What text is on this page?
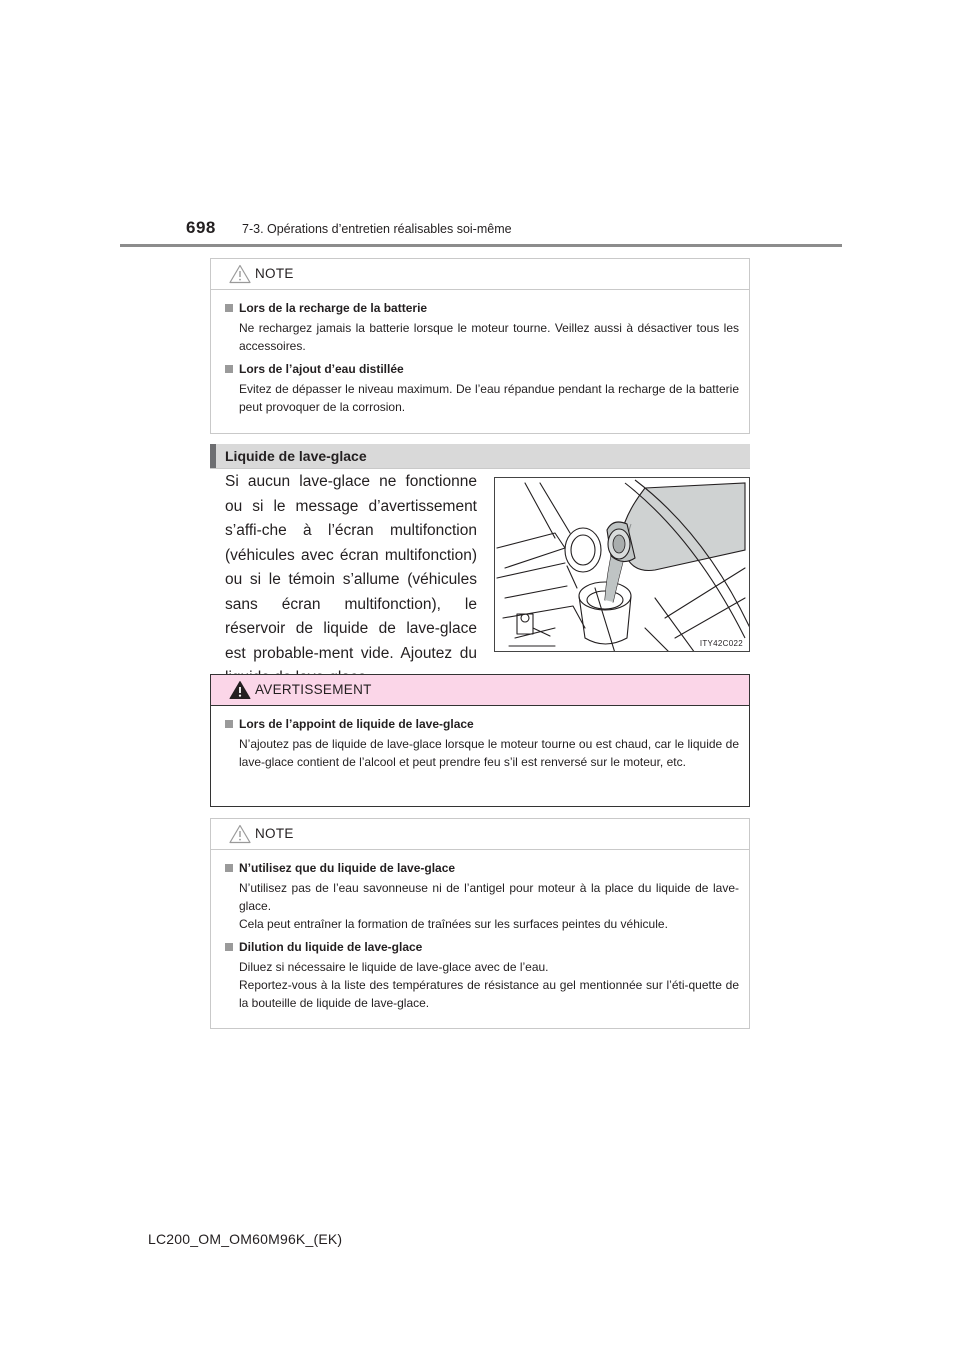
698 7-3. Opérations d’entretien réalisables soi-même
NOTE
Lors de la recharge de la batterie
Ne rechargez jamais la batterie lorsque le moteur tourne. Veillez aussi à désactiver tous les accessoires.
Lors de l’ajout d’eau distillée
Evitez de dépasser le niveau maximum. De l’eau répandue pendant la recharge de la batterie peut provoquer de la corrosion.
Liquide de lave-glace
Si aucun lave-glace ne fonctionne ou si le message d’avertissement s’affi-che à l’écran multifonction (véhicules avec écran multifonction) ou si le témoin s’allume (véhicules sans écran multifonction), le réservoir de liquide de lave-glace est probable-ment vide. Ajoutez du
ITY42C022
AVERTISSEMENT
Lors de l’appoint de liquide de lave-glace
N’ajoutez pas de liquide de lave-glace lorsque le moteur tourne ou est chaud, car le liquide de lave-glace contient de l’alcool et peut prendre feu s’il est renversé sur le moteur, etc.
NOTE
N’utilisez que du liquide de lave-glace
N’utilisez pas de l’eau savonneuse ni de l’antigel pour moteur à la place du liquide de lave-glace.
Cela peut entraîner la formation de traînées sur les surfaces peintes du véhicule.
Dilution du liquide de lave-glace
Diluez si nécessaire le liquide de lave-glace avec de l’eau.
Reportez-vous à la liste des températures de résistance au gel mentionnée sur l’éti-quette de la bouteille de liquide de lave-glace.
LC200_OM_OM60M96K_(EK)
